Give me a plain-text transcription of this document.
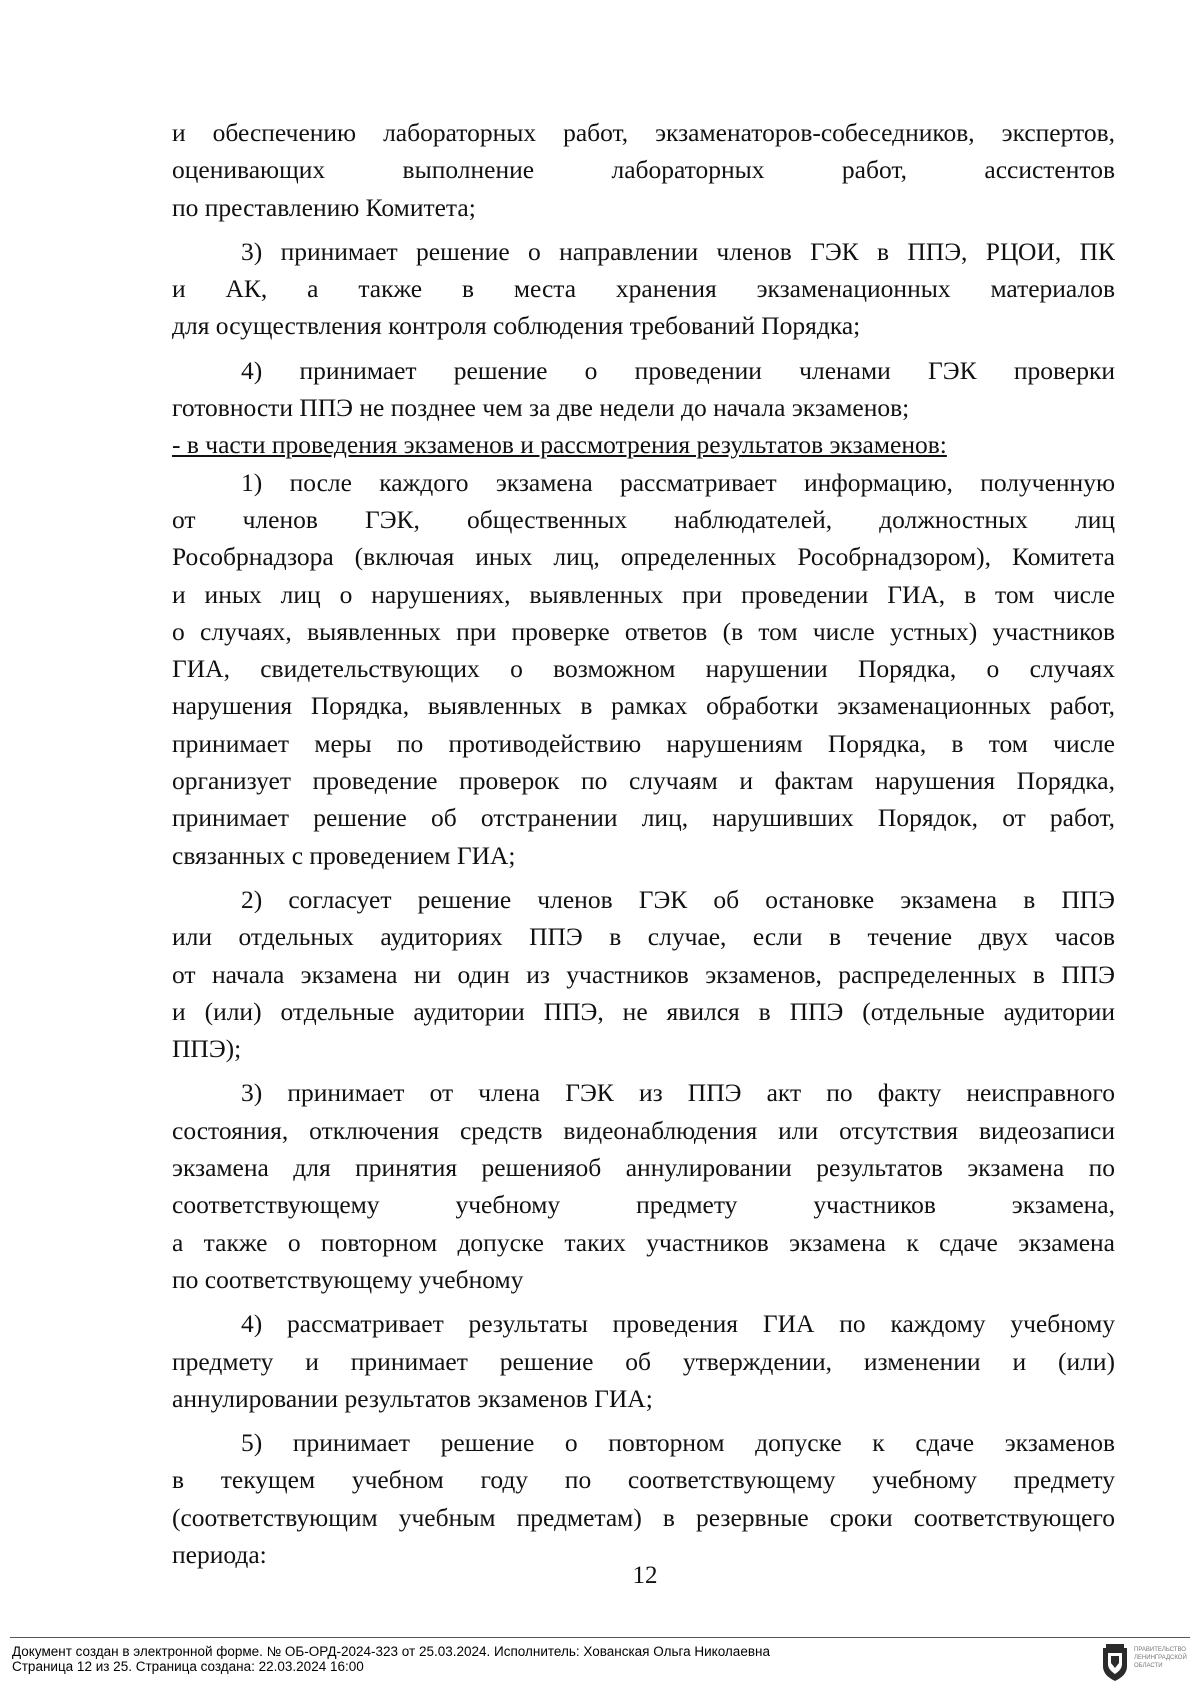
и обеспечению лабораторных работ, экзаменаторов-собеседников, экспертов,
оценивающих выполнение лабораторных работ, ассистентов
по преставлению Комитета;

3) принимает решение о направлении членов ГЭК в ППЭ, РЦОИ, ПК
и АК, а также в места хранения экзаменационных материалов
для осуществления контроля соблюдения требований Порядка;

4) принимает решение о проведении членами ГЭК проверки
готовности ППЭ не позднее чем за две недели до начала экзаменов;

- в части проведения экзаменов и рассмотрения результатов экзаменов:

1) после каждого экзамена рассматривает информацию, полученную
от членов ГЭК, общественных наблюдателей, должностных лиц
Рособрнадзора (включая иных лиц, определенных Рособрнадзором), Комитета
и иных лиц о нарушениях, выявленных при проведении ГИА, в том числе
о случаях, выявленных при проверке ответов (в том числе устных) участников
ГИА, свидетельствующих о возможном нарушении Порядка, о случаях
нарушения Порядка, выявленных в рамках обработки экзаменационных работ,
принимает меры по противодействию нарушениям Порядка, в том числе
организует проведение проверок по случаям и фактам нарушения Порядка,
принимает решение об отстранении лиц, нарушивших Порядок, от работ,
связанных с проведением ГИА;

2) согласует решение членов ГЭК об остановке экзамена в ППЭ
или отдельных аудиториях ППЭ в случае, если в течение двух часов
от начала экзамена ни один из участников экзаменов, распределенных в ППЭ
и (или) отдельные аудитории ППЭ, не явился в ППЭ (отдельные аудитории
ППЭ);

3) принимает от члена ГЭК из ППЭ акт по факту неисправного
состояния, отключения средств видеонаблюдения или отсутствия видеозаписи
экзамена для принятия решенияоб аннулировании результатов экзамена по
соответствующему учебному предмету участников экзамена,
а также о повторном допуске таких участников экзамена к сдаче экзамена
по соответствующему учебному

4) рассматривает результаты проведения ГИА по каждому учебному
предмету и принимает решение об утверждении, изменении и (или)
аннулировании результатов экзаменов ГИА;

5) принимает решение о повторном допуске к сдаче экзаменов
в текущем учебном году по соответствующему учебному предмету
(соответствующим учебным предметам) в резервные сроки соответствующего
периода:

12
Документ создан в электронной форме. № ОБ-ОРД-2024-323 от 25.03.2024. Исполнитель: Хованская Ольга Николаевна
Страница 12 из 25. Страница создана: 22.03.2024 16:00
ПРАВИТЕЛЬСТВО
ЛЕНИНГРАДСКОЙ
ОБЛАСТИ
